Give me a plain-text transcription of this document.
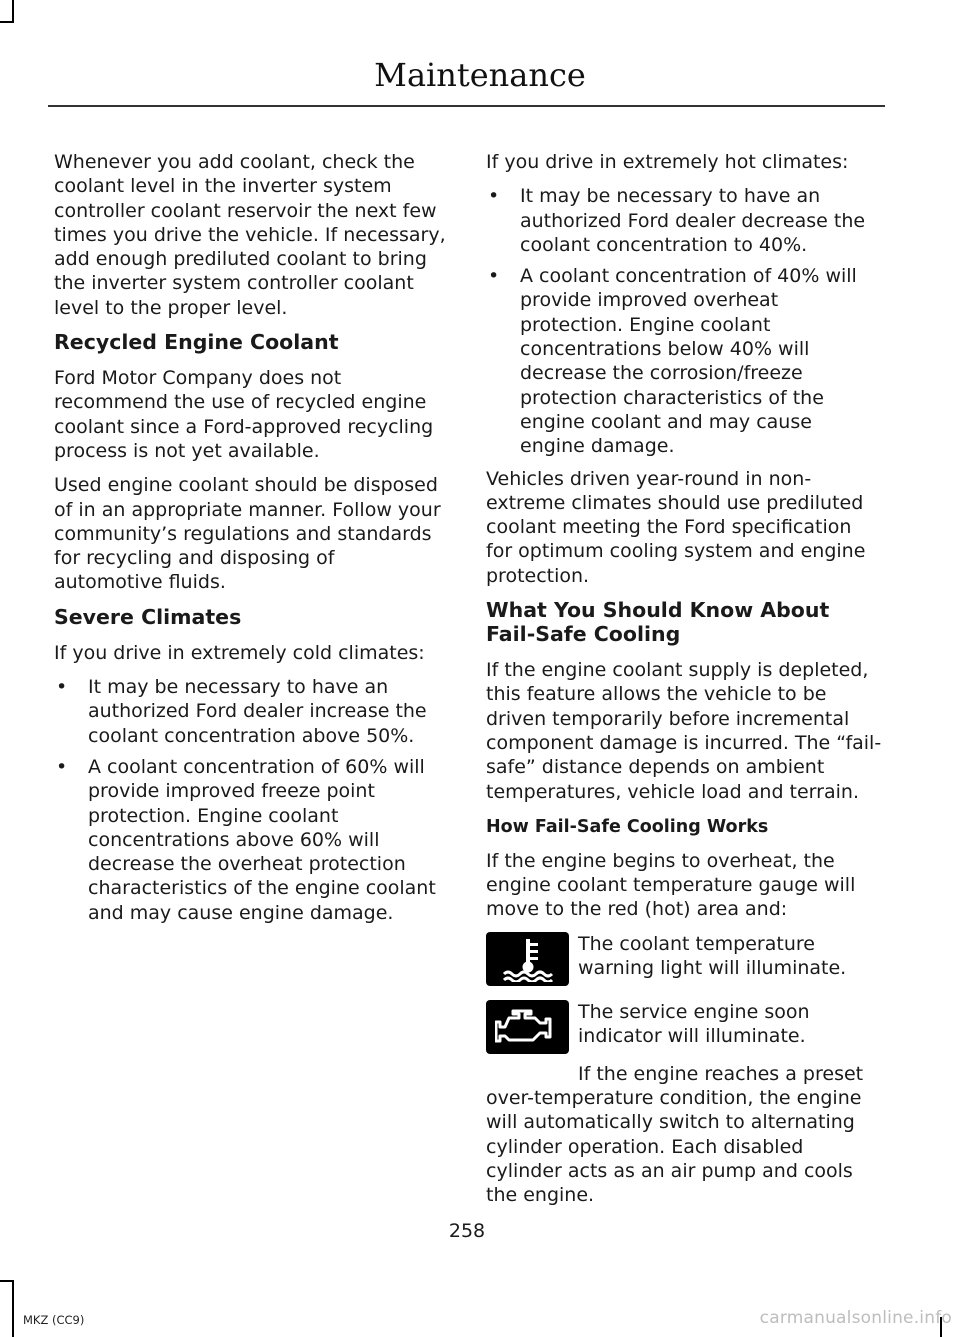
Maintenance

Whenever you add coolant, check the coolant level in the inverter system controller coolant reservoir the next few times you drive the vehicle. If necessary, add enough prediluted coolant to bring the inverter system controller coolant level to the proper level.

Recycled Engine Coolant

Ford Motor Company does not recommend the use of recycled engine coolant since a Ford-approved recycling process is not yet available.

Used engine coolant should be disposed of in an appropriate manner. Follow your community’s regulations and standards for recycling and disposing of automotive fluids.

Severe Climates

If you drive in extremely cold climates:

• It may be necessary to have an authorized Ford dealer increase the coolant concentration above 50%.
• A coolant concentration of 60% will provide improved freeze point protection. Engine coolant concentrations above 60% will decrease the overheat protection characteristics of the engine coolant and may cause engine damage.

If you drive in extremely hot climates:

• It may be necessary to have an authorized Ford dealer decrease the coolant concentration to 40%.
• A coolant concentration of 40% will provide improved overheat protection. Engine coolant concentrations below 40% will decrease the corrosion/freeze protection characteristics of the engine coolant and may cause engine damage.

Vehicles driven year-round in non-extreme climates should use prediluted coolant meeting the Ford specification for optimum cooling system and engine protection.

What You Should Know About Fail-Safe Cooling

If the engine coolant supply is depleted, this feature allows the vehicle to be driven temporarily before incremental component damage is incurred. The “fail-safe” distance depends on ambient temperatures, vehicle load and terrain.

How Fail-Safe Cooling Works

If the engine begins to overheat, the engine coolant temperature gauge will move to the red (hot) area and:

The coolant temperature warning light will illuminate.
The service engine soon indicator will illuminate.

If the engine reaches a preset over-temperature condition, the engine will automatically switch to alternating cylinder operation. Each disabled cylinder acts as an air pump and cools the engine.

258
MKZ (CC9)	carmanualsonline.info
